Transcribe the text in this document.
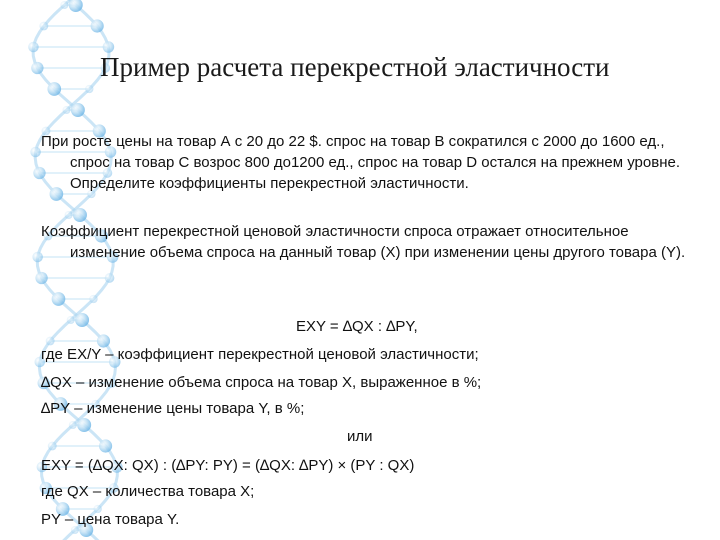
Пример расчета перекрестной эластичности

При росте цены на товар А с 20 до 22 $. спрос на товар В сократился с 2000 до 1600 ед., спрос на товар С возрос 800 до1200 ед., спрос на товар D остался на прежнем уровне. Определите коэффициенты перекрестной эластичности.

Коэффициент перекрестной ценовой эластичности спроса отражает относительное изменение объема спроса на данный товар (Х) при изменении цены другого товара (Y).

EXY = ∆QX : ∆PY,

где EX/Y – коэффициент перекрестной ценовой эластичности;

∆QX – изменение объема спроса на товар Х, выраженное в %;

∆PY – изменение цены товара Y, в %;

или

EXY = (∆QX: QX) : (∆PY: PY) = (∆QX: ∆PY) × (PY : QX)

где QX – количества товара Х;

PY – цена товара Y.
